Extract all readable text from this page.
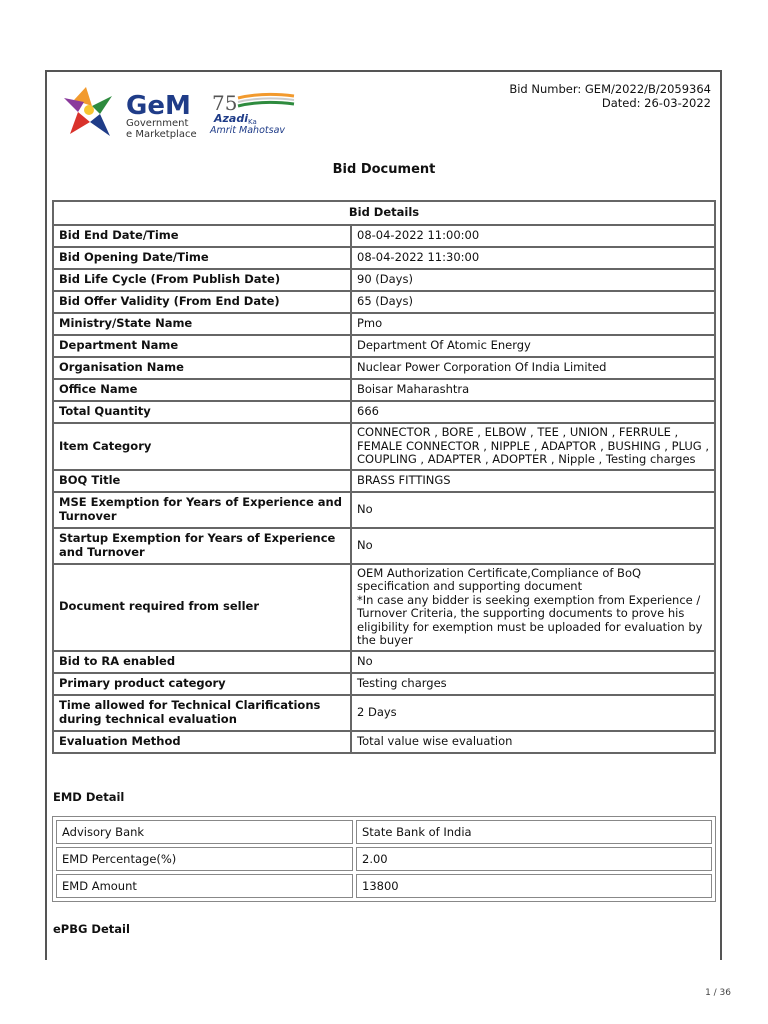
GeM
Government
e Marketplace
75
Azadi Ka
Amrit Mahotsav
Bid Number: GEM/2022/B/2059364
Dated: 26-03-2022
Bid Document
Bid Details	
Bid End Date/Time	08-04-2022 11:00:00
Bid Opening Date/Time	08-04-2022 11:30:00
Bid Life Cycle (From Publish Date)	90 (Days)
Bid Offer Validity (From End Date)	65 (Days)
Ministry/State Name	Pmo
Department Name	Department Of Atomic Energy
Organisation Name	Nuclear Power Corporation Of India Limited
Office Name	Boisar Maharashtra
Total Quantity	666
Item Category	CONNECTOR , BORE , ELBOW , TEE , UNION , FERRULE , FEMALE CONNECTOR , NIPPLE , ADAPTOR , BUSHING , PLUG , COUPLING , ADAPTER , ADOPTER , Nipple , Testing charges
BOQ Title	BRASS FITTINGS
MSE Exemption for Years of Experience and Turnover	No
Startup Exemption for Years of Experience and Turnover	No
Document required from seller	OEM Authorization Certificate,Compliance of BoQ specification and supporting document
*In case any bidder is seeking exemption from Experience / Turnover Criteria, the supporting documents to prove his eligibility for exemption must be uploaded for evaluation by the buyer

Bid to RA enabled	No
Primary product category	Testing charges
Time allowed for Technical Clarifications during technical evaluation	2 Days
Evaluation Method	Total value wise evaluation
EMD Detail
Advisory Bank	State Bank of India
EMD Percentage(%)	2.00
EMD Amount	13800
ePBG Detail
1 / 36
